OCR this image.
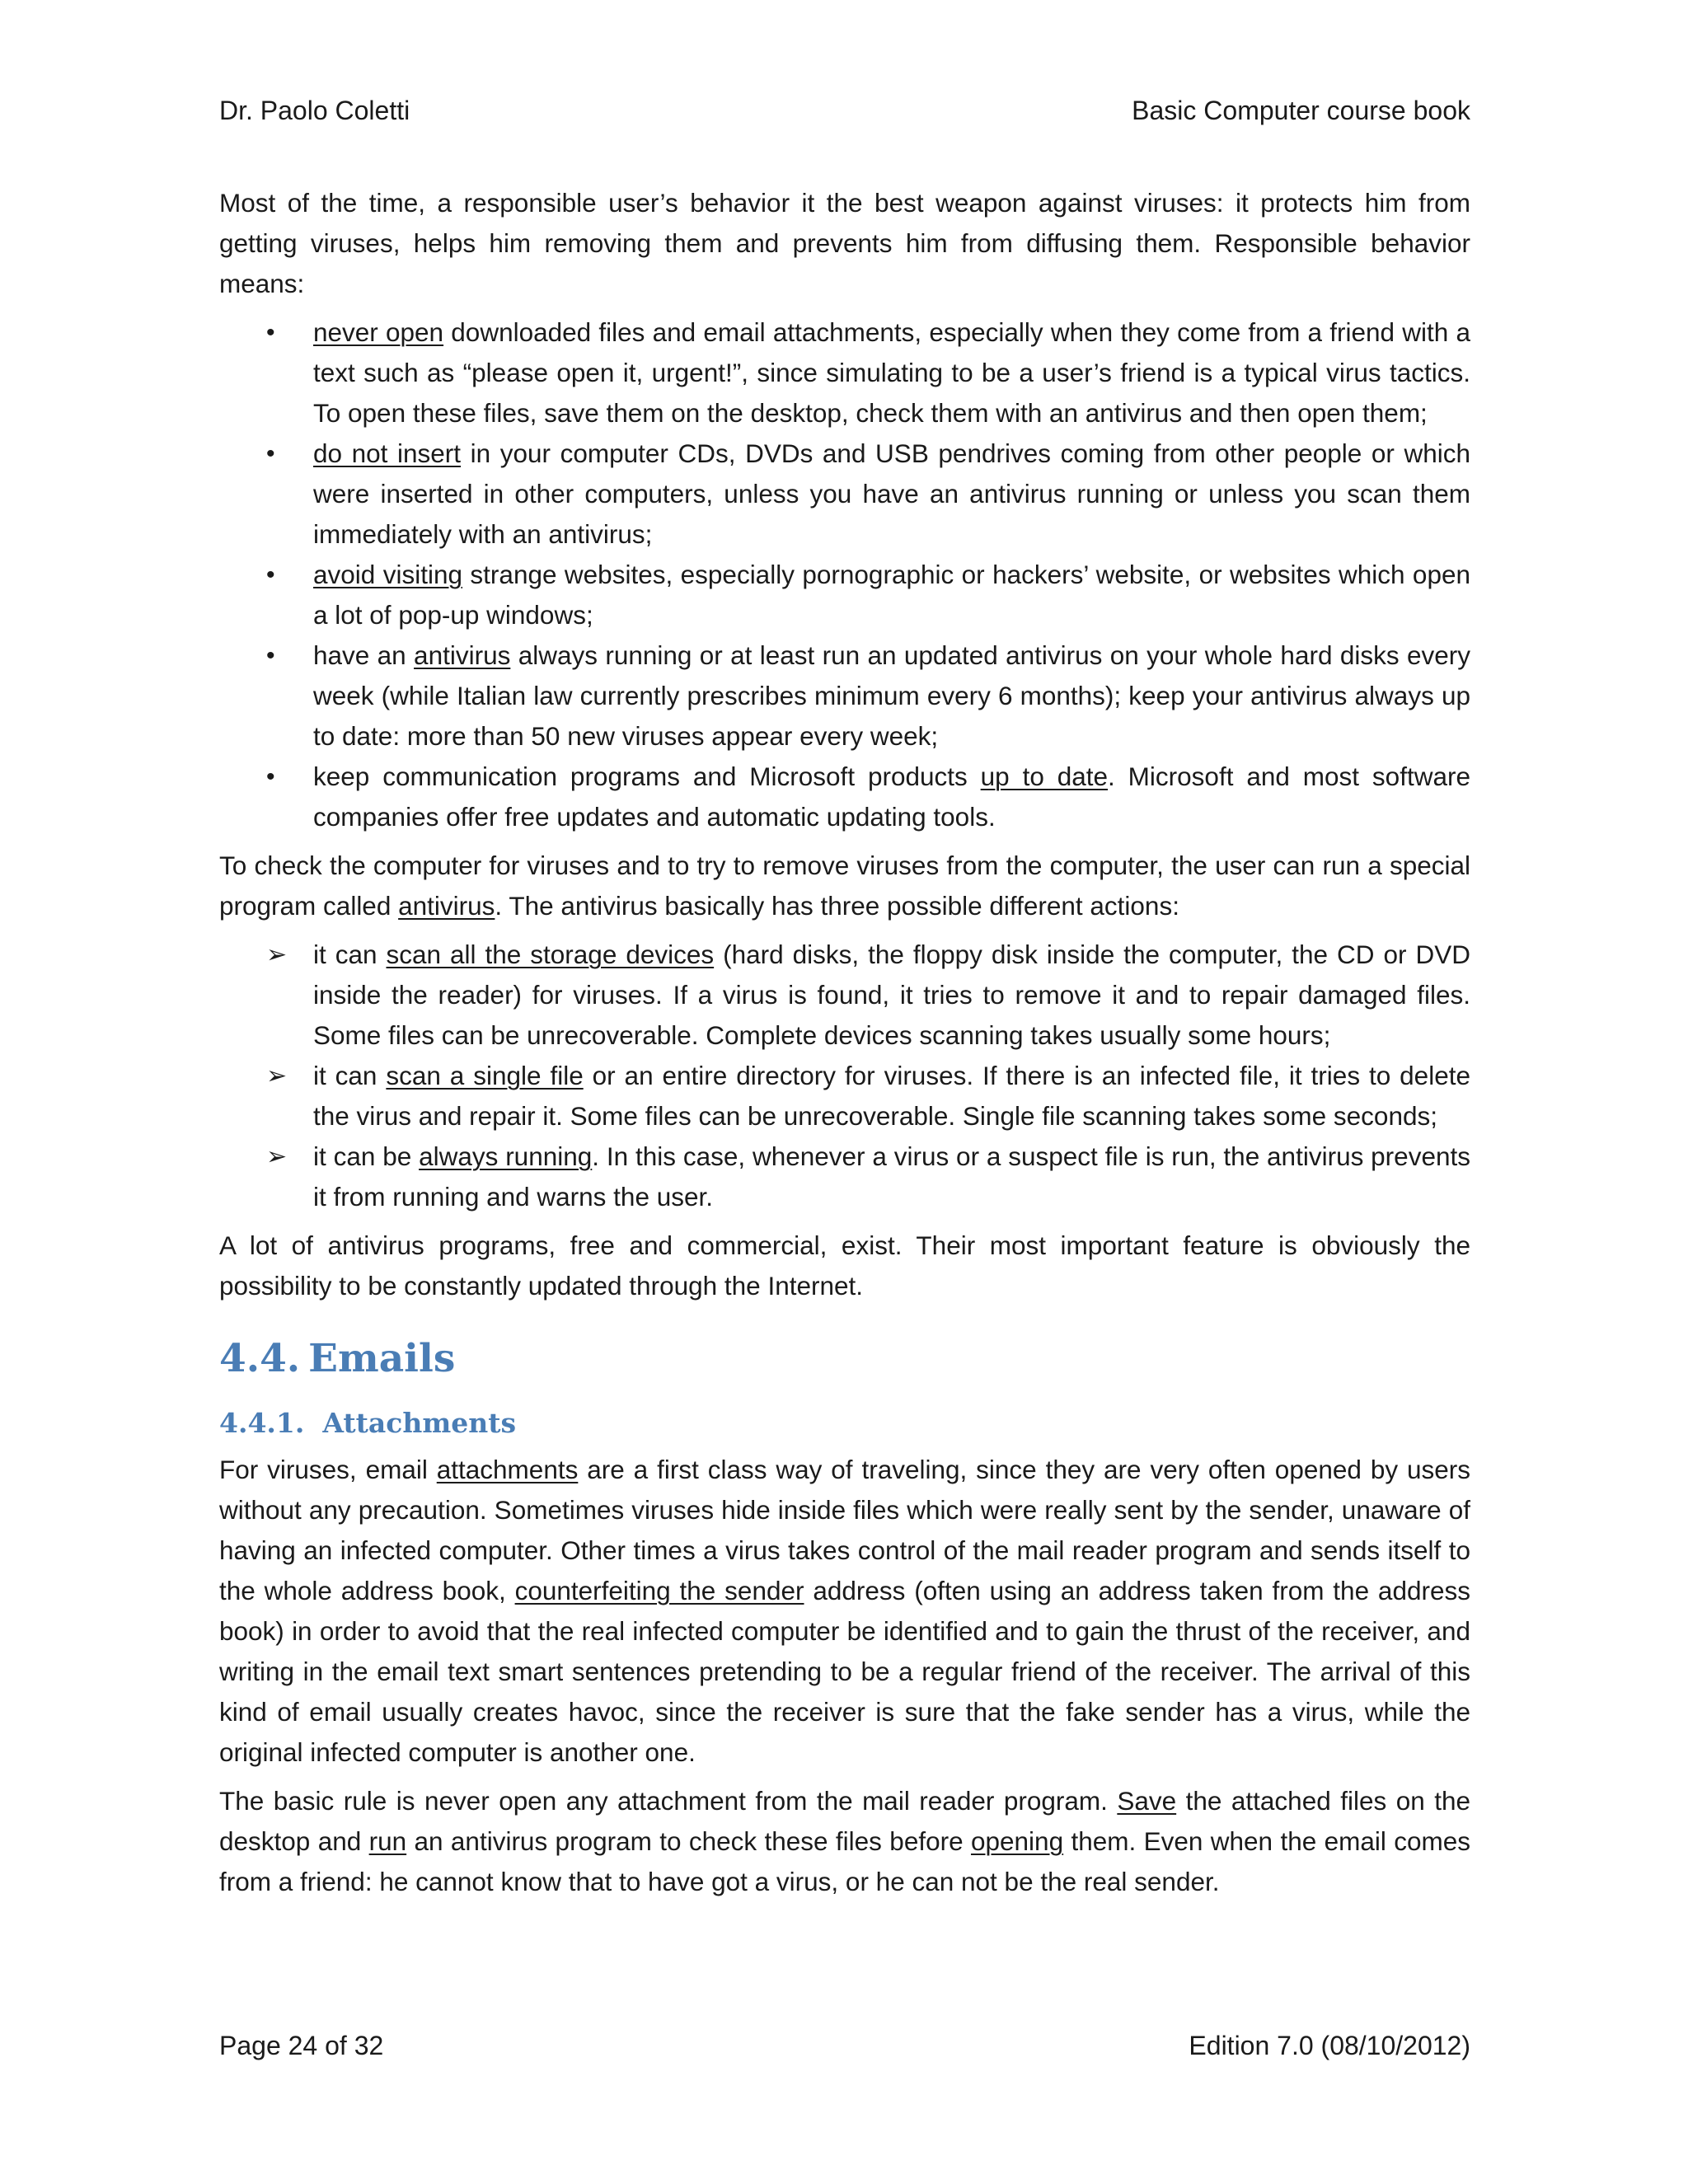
Dr. Paolo Coletti	Basic Computer course book

Most of the time, a responsible user’s behavior it the best weapon against viruses: it protects him from getting viruses, helps him removing them and prevents him from diffusing them. Responsible behavior means:

•	never open downloaded files and email attachments, especially when they come from a friend with a text such as “please open it, urgent!”, since simulating to be a user’s friend is a typical virus tactics. To open these files, save them on the desktop, check them with an antivirus and then open them;
•	do not insert in your computer CDs, DVDs and USB pendrives coming from other people or which were inserted in other computers, unless you have an antivirus running or unless you scan them immediately with an antivirus;
•	avoid visiting strange websites, especially pornographic or hackers’ website, or websites which open a lot of pop-up windows;
•	have an antivirus always running or at least run an updated antivirus on your whole hard disks every week (while Italian law currently prescribes minimum every 6 months); keep your antivirus always up to date: more than 50 new viruses appear every week;
•	keep communication programs and Microsoft products up to date. Microsoft and most software companies offer free updates and automatic updating tools.

To check the computer for viruses and to try to remove viruses from the computer, the user can run a special program called antivirus. The antivirus basically has three possible different actions:

➢	it can scan all the storage devices (hard disks, the floppy disk inside the computer, the CD or DVD inside the reader) for viruses. If a virus is found, it tries to remove it and to repair damaged files. Some files can be unrecoverable. Complete devices scanning takes usually some hours;
➢	it can scan a single file or an entire directory for viruses. If there is an infected file, it tries to delete the virus and repair it. Some files can be unrecoverable. Single file scanning takes some seconds;
➢	it can be always running. In this case, whenever a virus or a suspect file is run, the antivirus prevents it from running and warns the user.

A lot of antivirus programs, free and commercial, exist. Their most important feature is obviously the possibility to be constantly updated through the Internet.

4.4. Emails
4.4.1. Attachments

For viruses, email attachments are a first class way of traveling, since they are very often opened by users without any precaution. Sometimes viruses hide inside files which were really sent by the sender, unaware of having an infected computer. Other times a virus takes control of the mail reader program and sends itself to the whole address book, counterfeiting the sender address (often using an address taken from the address book) in order to avoid that the real infected computer be identified and to gain the thrust of the receiver, and writing in the email text smart sentences pretending to be a regular friend of the receiver. The arrival of this kind of email usually creates havoc, since the receiver is sure that the fake sender has a virus, while the original infected computer is another one.

The basic rule is never open any attachment from the mail reader program. Save the attached files on the desktop and run an antivirus program to check these files before opening them. Even when the email comes from a friend: he cannot know that to have got a virus, or he can not be the real sender.

Page 24 of 32	Edition 7.0 (08/10/2012)
